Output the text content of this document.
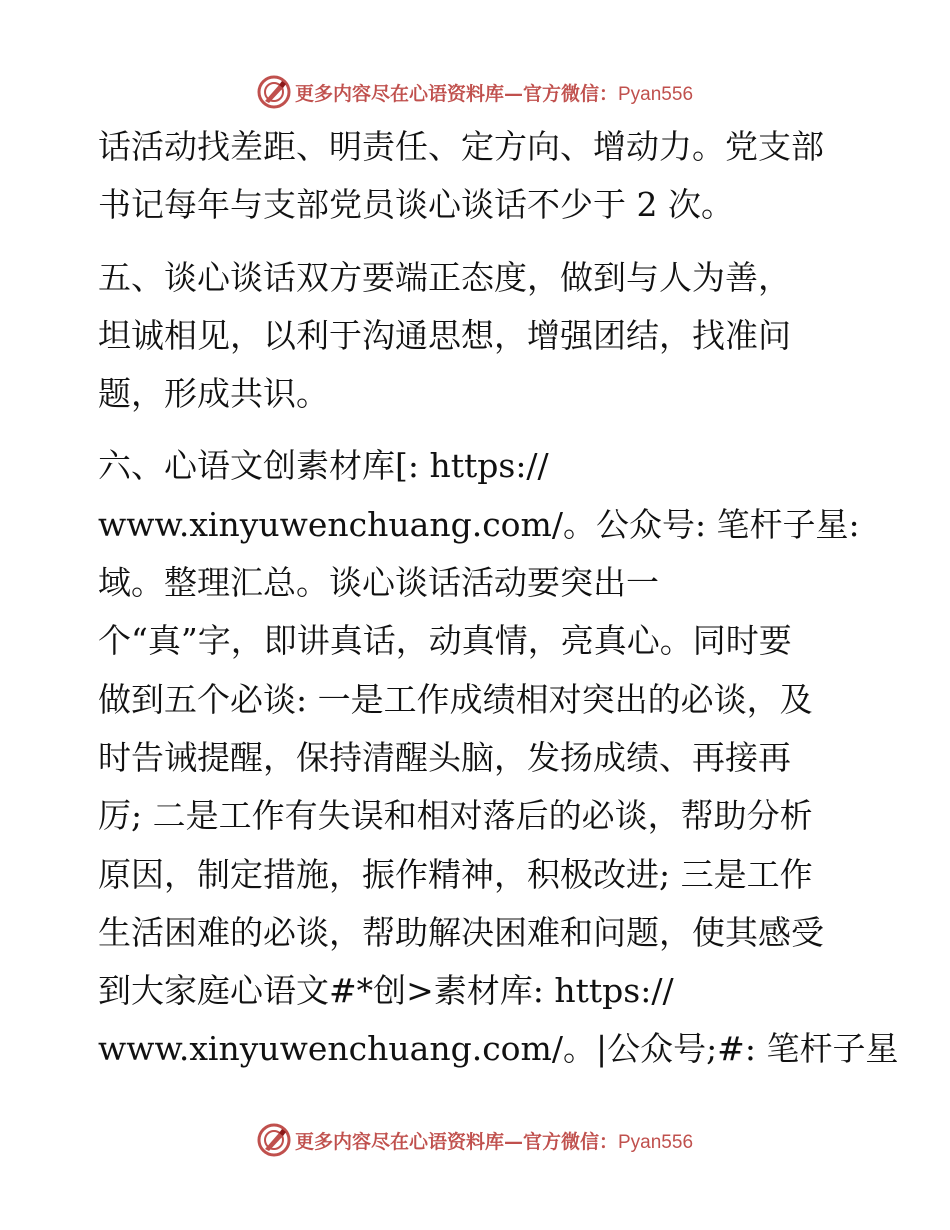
更多内容尽在心语资料库—官方微信：Pyan556
话活动找差距、明责任、定方向、增动力。党支部
书记每年与支部党员谈心谈话不少于 2 次。
五、谈心谈话双方要端正态度，做到与人为善，
坦诚相见，以利于沟通思想，增强团结，找准问
题，形成共识。
六、心语文创素材库[: https://
www.xinyuwenchuang.com/。公众号: 笔杆子星:
域。整理汇总。谈心谈话活动要突出一
个“真”字，即讲真话，动真情，亮真心。同时要
做到五个必谈: 一是工作成绩相对突出的必谈，及
时告诫提醒，保持清醒头脑，发扬成绩、再接再
厉; 二是工作有失误和相对落后的必谈，帮助分析
原因，制定措施，振作精神，积极改进; 三是工作
生活困难的必谈，帮助解决困难和问题，使其感受
到大家庭心语文#*创>素材库: https://
www.xinyuwenchuang.com/。|公众号;#: 笔杆子星
更多内容尽在心语资料库—官方微信：Pyan556
